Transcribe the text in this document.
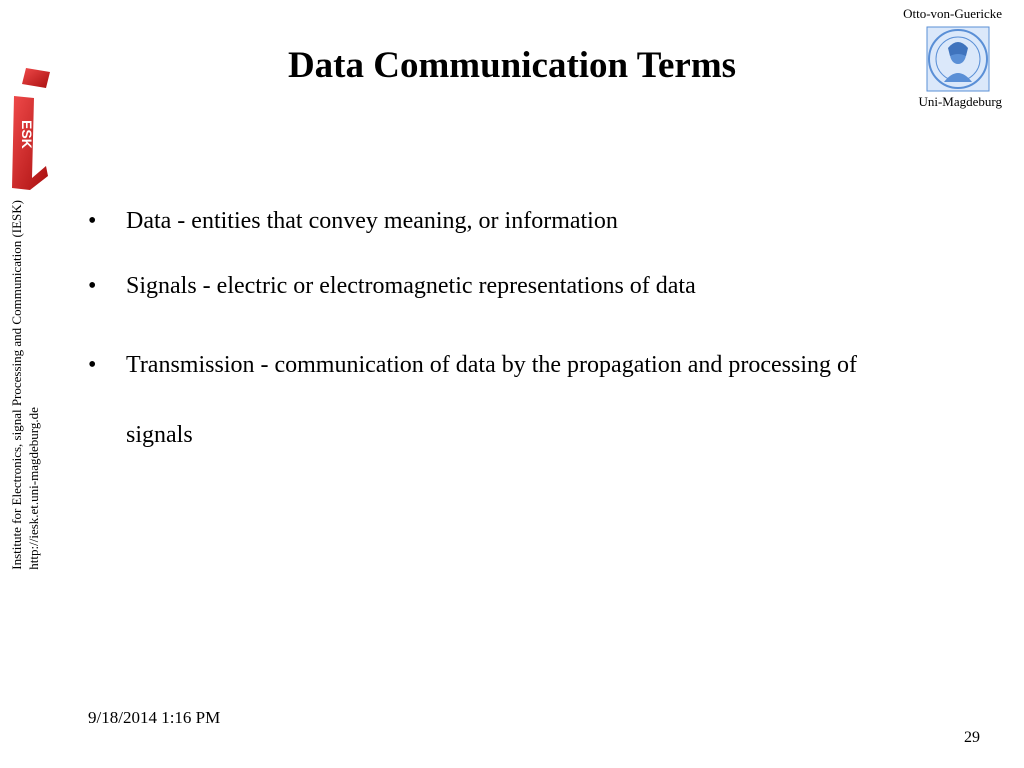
ESK
Institute for Electronics, signal Processing and Communication (IESK) http://iesk.et.uni-magdeburg.de
Otto-von-Guericke
Uni-Magdeburg
Data Communication Terms
• Data - entities that convey meaning, or information
• Signals - electric or electromagnetic representations of data
• Transmission - communication of data by the propagation and processing of signals
9/18/2014 1:16 PM
29
